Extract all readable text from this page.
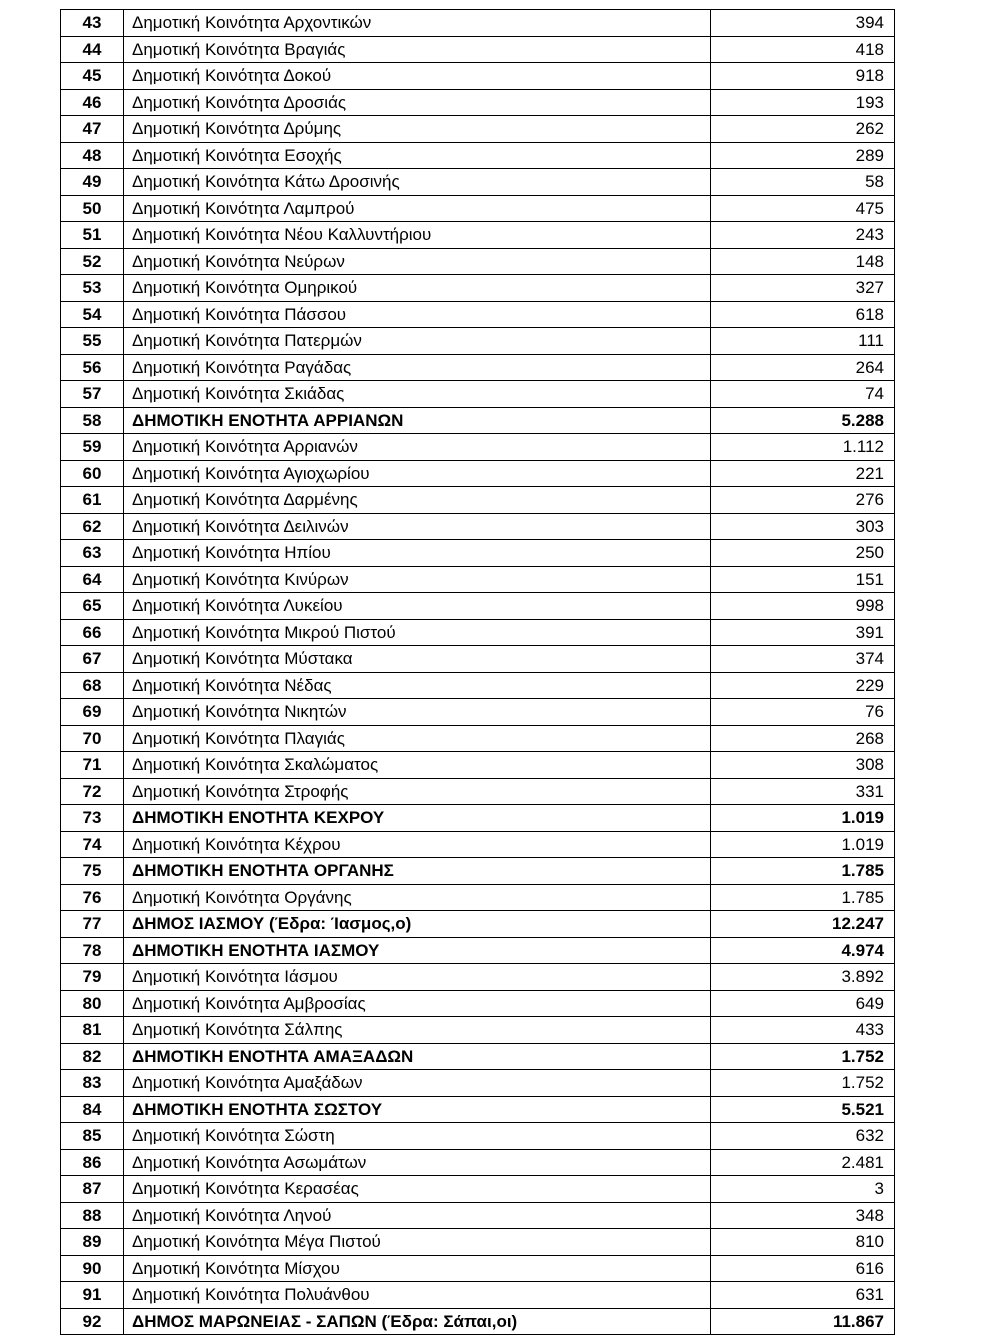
43	Δημοτική Κοινότητα Αρχοντικών	394
44	Δημοτική Κοινότητα Βραγιάς	418
45	Δημοτική Κοινότητα Δοκού	918
46	Δημοτική Κοινότητα Δροσιάς	193
47	Δημοτική Κοινότητα Δρύμης	262
48	Δημοτική Κοινότητα Εσοχής	289
49	Δημοτική Κοινότητα Κάτω Δροσινής	58
50	Δημοτική Κοινότητα Λαμπρού	475
51	Δημοτική Κοινότητα Νέου Καλλυντήριου	243
52	Δημοτική Κοινότητα Νεύρων	148
53	Δημοτική Κοινότητα Ομηρικού	327
54	Δημοτική Κοινότητα Πάσσου	618
55	Δημοτική Κοινότητα Πατερμών	111
56	Δημοτική Κοινότητα Ραγάδας	264
57	Δημοτική Κοινότητα Σκιάδας	74
58	ΔΗΜΟΤΙΚΗ ΕΝΟΤΗΤΑ ΑΡΡΙΑΝΩΝ	5.288
59	Δημοτική Κοινότητα Αρριανών	1.112
60	Δημοτική Κοινότητα Αγιοχωρίου	221
61	Δημοτική Κοινότητα Δαρμένης	276
62	Δημοτική Κοινότητα Δειλινών	303
63	Δημοτική Κοινότητα Ηπίου	250
64	Δημοτική Κοινότητα Κινύρων	151
65	Δημοτική Κοινότητα Λυκείου	998
66	Δημοτική Κοινότητα Μικρού Πιστού	391
67	Δημοτική Κοινότητα Μύστακα	374
68	Δημοτική Κοινότητα Νέδας	229
69	Δημοτική Κοινότητα Νικητών	76
70	Δημοτική Κοινότητα Πλαγιάς	268
71	Δημοτική Κοινότητα Σκαλώματος	308
72	Δημοτική Κοινότητα Στροφής	331
73	ΔΗΜΟΤΙΚΗ ΕΝΟΤΗΤΑ ΚΕΧΡΟΥ	1.019
74	Δημοτική Κοινότητα Κέχρου	1.019
75	ΔΗΜΟΤΙΚΗ ΕΝΟΤΗΤΑ ΟΡΓΑΝΗΣ	1.785
76	Δημοτική Κοινότητα Οργάνης	1.785
77	ΔΗΜΟΣ ΙΑΣΜΟΥ (Έδρα: Ίασμος,ο)	12.247
78	ΔΗΜΟΤΙΚΗ ΕΝΟΤΗΤΑ ΙΑΣΜΟΥ	4.974
79	Δημοτική Κοινότητα Ιάσμου	3.892
80	Δημοτική Κοινότητα Αμβροσίας	649
81	Δημοτική Κοινότητα Σάλπης	433
82	ΔΗΜΟΤΙΚΗ ΕΝΟΤΗΤΑ ΑΜΑΞΑΔΩΝ	1.752
83	Δημοτική Κοινότητα Αμαξάδων	1.752
84	ΔΗΜΟΤΙΚΗ ΕΝΟΤΗΤΑ ΣΩΣΤΟΥ	5.521
85	Δημοτική Κοινότητα Σώστη	632
86	Δημοτική Κοινότητα Ασωμάτων	2.481
87	Δημοτική Κοινότητα Κερασέας	3
88	Δημοτική Κοινότητα Ληνού	348
89	Δημοτική Κοινότητα Μέγα Πιστού	810
90	Δημοτική Κοινότητα Μίσχου	616
91	Δημοτική Κοινότητα Πολυάνθου	631
92	ΔΗΜΟΣ ΜΑΡΩΝΕΙΑΣ - ΣΑΠΩΝ (Έδρα: Σάπαι,οι)	11.867
